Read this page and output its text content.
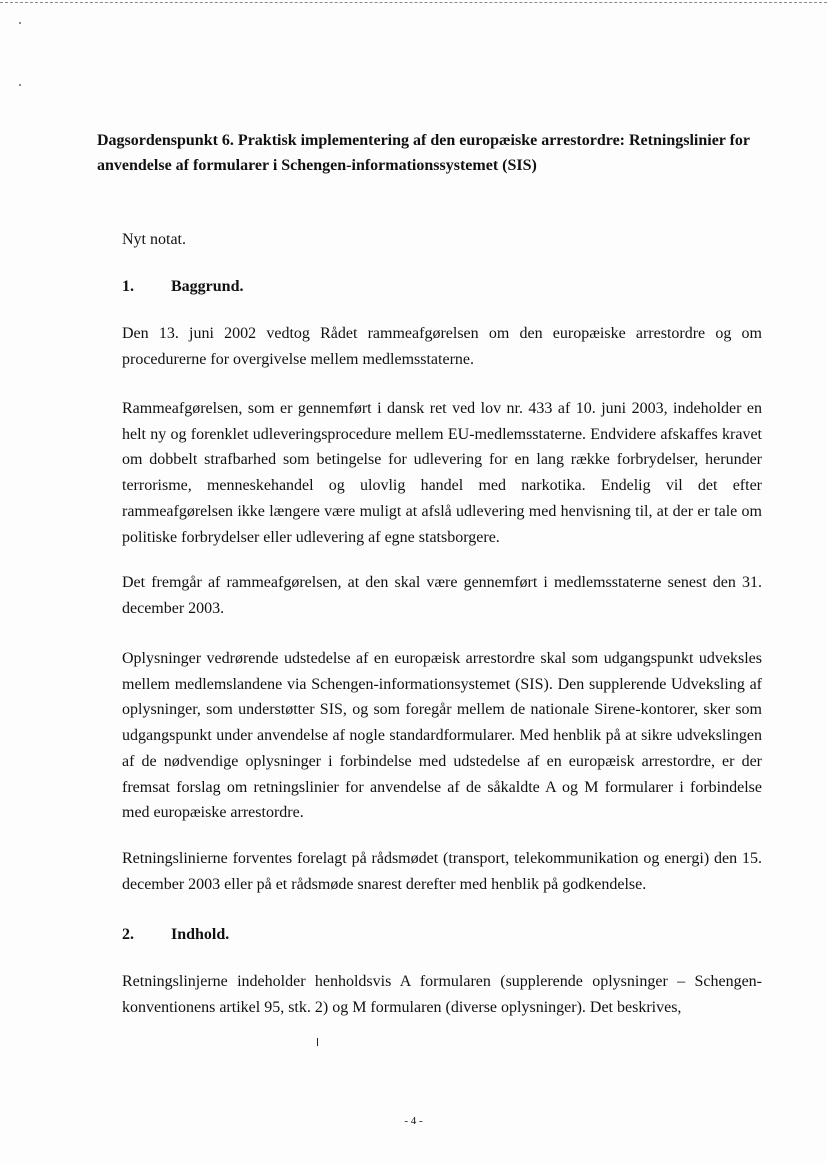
Dagsordenspunkt 6. Praktisk implementering af den europæiske arrestordre: Retningslinier for anvendelse af formularer i Schengen-informationssystemet (SIS)
Nyt notat.
1. Baggrund.
Den 13. juni 2002 vedtog Rådet rammeafgørelsen om den europæiske arrestordre og om procedurerne for overgivelse mellem medlemsstaterne.
Rammeafgørelsen, som er gennemført i dansk ret ved lov nr. 433 af 10. juni 2003, indeholder en helt ny og forenklet udleveringsprocedure mellem EU-medlemsstaterne. Endvidere afskaffes kravet om dobbelt strafbarhed som betingelse for udlevering for en lang række forbrydelser, herunder terrorisme, menneskehandel og ulovlig handel med narkotika. Endelig vil det efter rammeafgørelsen ikke længere være muligt at afslå udlevering med henvisning til, at der er tale om politiske forbrydelser eller udlevering af egne statsborgere.
Det fremgår af rammeafgørelsen, at den skal være gennemført i medlemsstaterne senest den 31. december 2003.
Oplysninger vedrørende udstedelse af en europæisk arrestordre skal som udgangspunkt udveksles mellem medlemslandene via Schengen-informationsystemet (SIS). Den supplerende Udveksling af oplysninger, som understøtter SIS, og som foregår mellem de nationale Sirene-kontorer, sker som udgangspunkt under anvendelse af nogle standardformularer. Med henblik på at sikre udvekslingen af de nødvendige oplysninger i forbindelse med udstedelse af en europæisk arrestordre, er der fremsat forslag om retningslinier for anvendelse af de såkaldte A og M formularer i forbindelse med europæiske arrestordre.
Retningslinierne forventes forelagt på rådsmødet (transport, telekommunikation og energi) den 15. december 2003 eller på et rådsmøde snarest derefter med henblik på godkendelse.
2. Indhold.
Retningslinjerne indeholder henholdsvis A formularen (supplerende oplysninger – Schengen-konventionens artikel 95, stk. 2) og M formularen (diverse oplysninger). Det beskrives,
- 4 -
